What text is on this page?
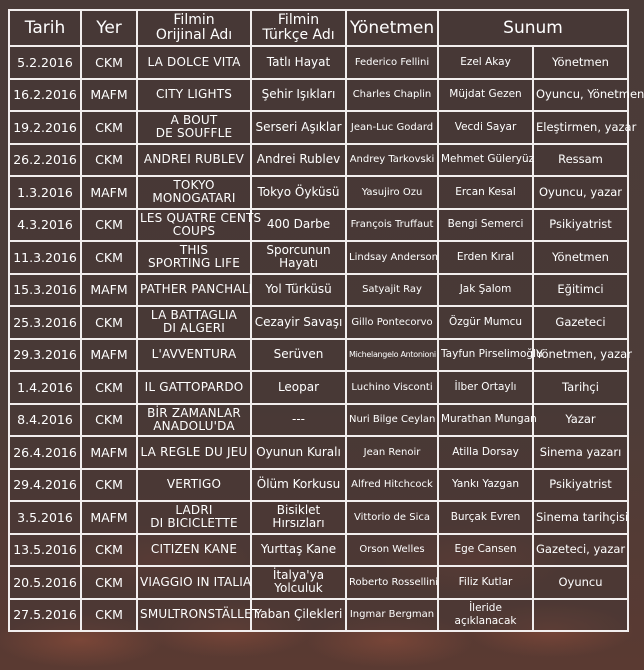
Tarih	Yer	Filmin
Orijinal Adı	Filmin
Türkçe Adı	Yönetmen	Sunum	
5.2.2016	CKM	LA DOLCE VITA	Tatlı Hayat	Federico Fellini	Ezel Akay	Yönetmen
16.2.2016	MAFM	CITY LIGHTS	Şehir Işıkları	Charles Chaplin	Müjdat Gezen	Oyuncu, Yönetmen
19.2.2016	CKM	A BOUT
DE SOUFFLE	Serseri Aşıklar	Jean-Luc Godard	Vecdi Sayar	Eleştirmen, yazar
26.2.2016	CKM	ANDREI RUBLEV	Andrei Rublev	Andrey Tarkovski	Mehmet Güleryüz	Ressam
1.3.2016	MAFM	TOKYO
MONOGATARI	Tokyo Öyküsü	Yasujiro Ozu	Ercan Kesal	Oyuncu, yazar
4.3.2016	CKM	LES QUATRE CENTS
COUPS	400 Darbe	François Truffaut	Bengi Semerci	Psikiyatrist
11.3.2016	CKM	THIS
SPORTING LIFE	Sporcunun
Hayatı	Lindsay Anderson	Erden Kıral	Yönetmen
15.3.2016	MAFM	PATHER PANCHALI	Yol Türküsü	Satyajit Ray	Jak Şalom	Eğitimci
25.3.2016	CKM	LA BATTAGLIA
DI ALGERI	Cezayir Savaşı	Gillo Pontecorvo	Özgür Mumcu	Gazeteci
29.3.2016	MAFM	L'AVVENTURA	Serüven	Michelangelo Antonioni	Tayfun Pirselimoğlu	Yönetmen, yazar
1.4.2016	CKM	IL GATTOPARDO	Leopar	Luchino Visconti	İlber Ortaylı	Tarihçi
8.4.2016	CKM	BİR ZAMANLAR
ANADOLU'DA	---	Nuri Bilge Ceylan	Murathan Mungan	Yazar
26.4.2016	MAFM	LA REGLE DU JEU	Oyunun Kuralı	Jean Renoir	Atilla Dorsay	Sinema yazarı
29.4.2016	CKM	VERTIGO	Ölüm Korkusu	Alfred Hitchcock	Yankı Yazgan	Psikiyatrist
3.5.2016	MAFM	LADRI
DI BICICLETTE	Bisiklet
Hırsızları	Vittorio de Sica	Burçak Evren	Sinema tarihçisi
13.5.2016	CKM	CITIZEN KANE	Yurttaş Kane	Orson Welles	Ege Cansen	Gazeteci, yazar
20.5.2016	CKM	VIAGGIO IN ITALIA	İtalya'ya
Yolculuk	Roberto Rossellini	Filiz Kutlar	Oyuncu
27.5.2016	CKM	SMULTRONSTÄLLET	Yaban Çilekleri	Ingmar Bergman	İleride
açıklanacak	
